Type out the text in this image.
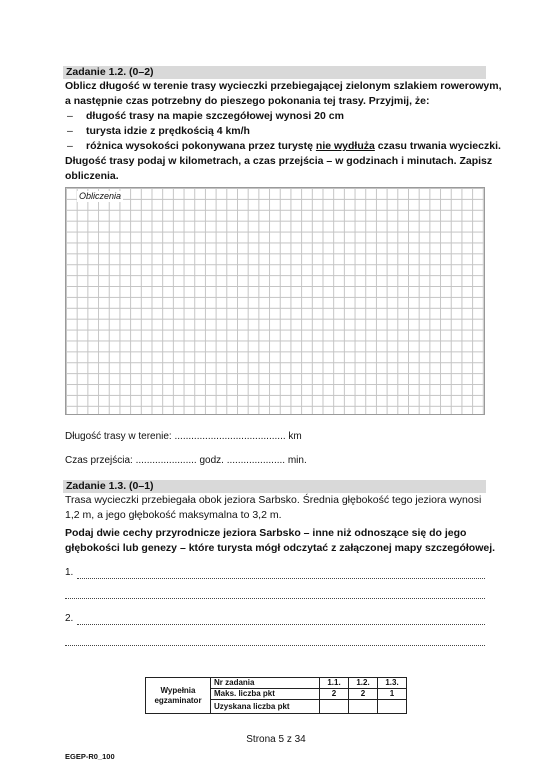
Zadanie 1.2. (0–2)
Oblicz długość w terenie trasy wycieczki przebiegającej zielonym szlakiem rowerowym,
a następnie czas potrzebny do pieszego pokonania tej trasy. Przyjmij, że:
– długość trasy na mapie szczegółowej wynosi 20 cm
– turysta idzie z prędkością 4 km/h
– różnica wysokości pokonywana przez turystę nie wydłuża czasu trwania wycieczki.
Długość trasy podaj w kilometrach, a czas przejścia – w godzinach i minutach. Zapisz
obliczenia.
Obliczenia
Długość trasy w terenie: ........................................ km
Czas przejścia: ...................... godz. ..................... min.
Zadanie 1.3. (0–1)
Trasa wycieczki przebiegała obok jeziora Sarbsko. Średnia głębokość tego jeziora wynosi
1,2 m, a jego głębokość maksymalna to 3,2 m.
Podaj dwie cechy przyrodnicze jeziora Sarbsko – inne niż odnoszące się do jego
głębokości lub genezy – które turysta mógł odczytać z załączonej mapy szczegółowej.
1.
2.
Wypełnia egzaminator	Nr zadania	1.1.	1.2.	1.3.
	Maks. liczba pkt	2	2	1
	Uzyskana liczba pkt			
Strona 5 z 34
EGEP-R0_100
